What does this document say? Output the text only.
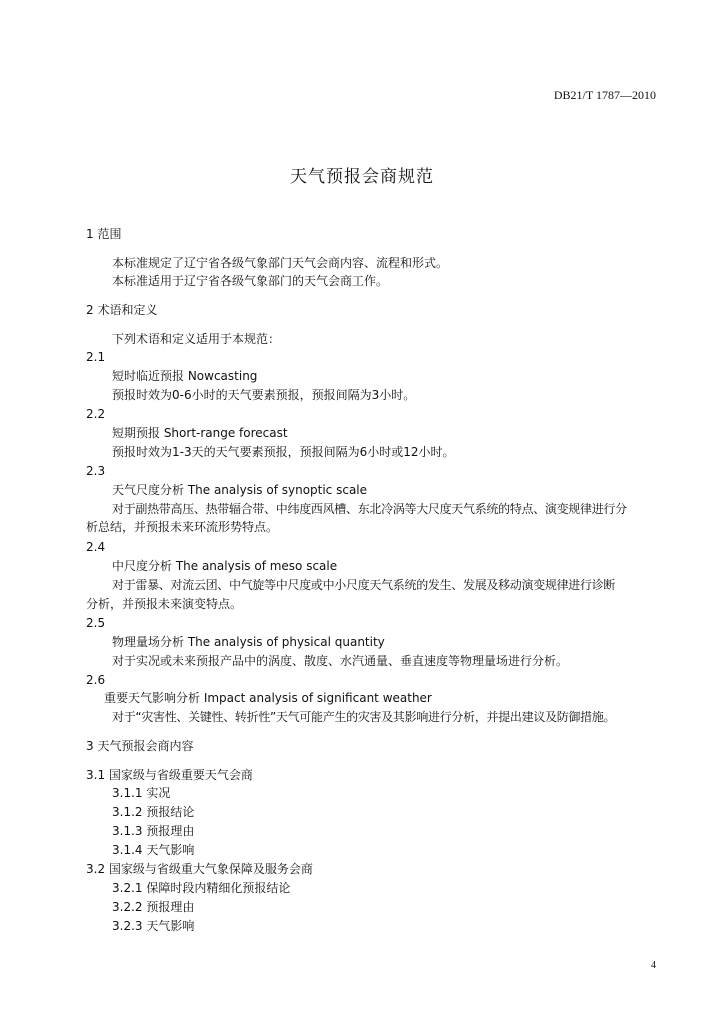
DB21/T 1787—2010
天气预报会商规范
1 范围
本标准规定了辽宁省各级气象部门天气会商内容、流程和形式。
本标准适用于辽宁省各级气象部门的天气会商工作。
2 术语和定义
下列术语和定义适用于本规范：
2.1
短时临近预报 Nowcasting
预报时效为0-6小时的天气要素预报，预报间隔为3小时。
2.2
短期预报 Short-range forecast
预报时效为1-3天的天气要素预报，预报间隔为6小时或12小时。
2.3
天气尺度分析 The analysis of synoptic scale
对于副热带高压、热带辐合带、中纬度西风槽、东北冷涡等大尺度天气系统的特点、演变规律进行分
析总结，并预报未来环流形势特点。
2.4
中尺度分析 The analysis of meso scale
对于雷暴、对流云团、中气旋等中尺度或中小尺度天气系统的发生、发展及移动演变规律进行诊断
分析，并预报未来演变特点。
2.5
物理量场分析 The analysis of physical quantity
对于实况或未来预报产品中的涡度、散度、水汽通量、垂直速度等物理量场进行分析。
2.6
重要天气影响分析 Impact analysis of significant weather
对于“灾害性、关键性、转折性”天气可能产生的灾害及其影响进行分析，并提出建议及防御措施。
3 天气预报会商内容
3.1 国家级与省级重要天气会商
3.1.1 实况
3.1.2 预报结论
3.1.3 预报理由
3.1.4 天气影响
3.2 国家级与省级重大气象保障及服务会商
3.2.1 保障时段内精细化预报结论
3.2.2 预报理由
3.2.3 天气影响
4
